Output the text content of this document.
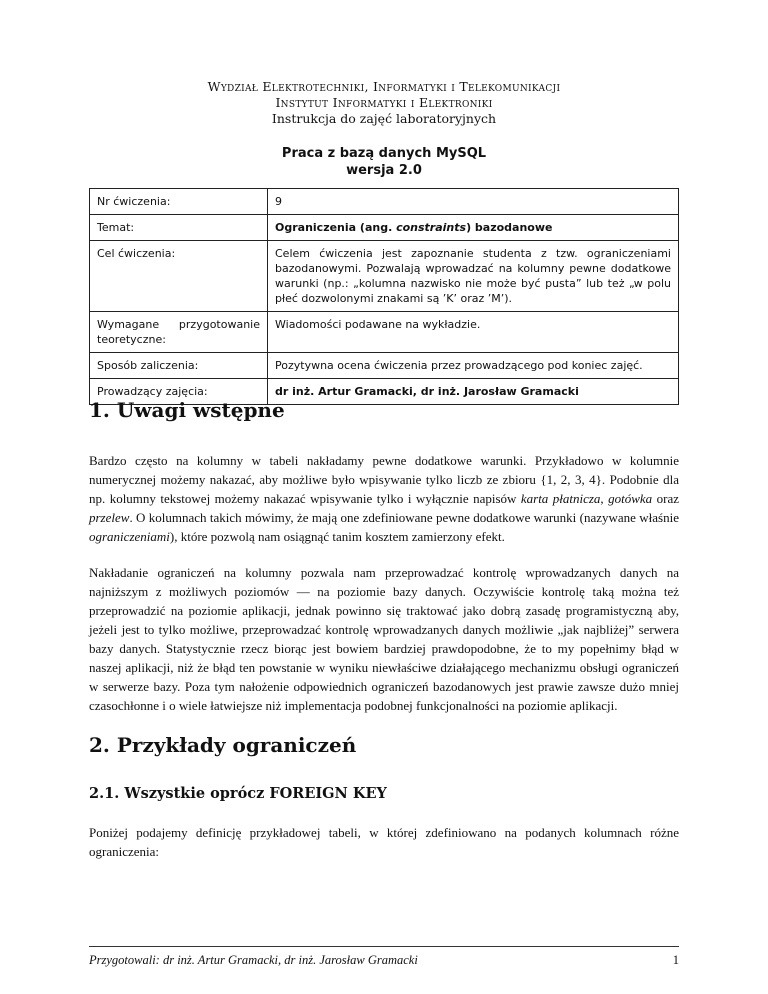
Wydział Elektrotechniki, Informatyki i Telekomunikacji
Instytut Informatyki i Elektroniki
Instrukcja do zajęć laboratoryjnych
Praca z bazą danych MySQL
wersja 2.0
Nr ćwiczenia:	9
Temat:	Ograniczenia (ang. constraints) bazodanowe
Cel ćwiczenia:	Celem ćwiczenia jest zapoznanie studenta z tzw. ograniczeniami bazodanowymi. Pozwalają wprowadzać na kolumny pewne dodatkowe warunki (np.: „kolumna nazwisko nie może być pusta” lub też „w polu płeć dozwolonymi znakami są ’K’ oraz ’M’).
Wymagane przygotowanie teoretyczne:	Wiadomości podawane na wykładzie.
Sposób zaliczenia:	Pozytywna ocena ćwiczenia przez prowadzącego pod koniec zajęć.
Prowadzący zajęcia:	dr inż. Artur Gramacki, dr inż. Jarosław Gramacki
1. Uwagi wstępne

Bardzo często na kolumny w tabeli nakładamy pewne dodatkowe warunki. Przykładowo w kolumnie numerycznej możemy nakazać, aby możliwe było wpisywanie tylko liczb ze zbioru {1, 2, 3, 4}. Podobnie dla np. kolumny tekstowej możemy nakazać wpisywanie tylko i wyłącznie napisów karta płatnicza, gotówka oraz przelew. O kolumnach takich mówimy, że mają one zdefiniowane pewne dodatkowe warunki (nazywane właśnie ograniczeniami), które pozwolą nam osiągnąć tanim kosztem zamierzony efekt.

Nakładanie ograniczeń na kolumny pozwala nam przeprowadzać kontrolę wprowadzanych danych na najniższym z możliwych poziomów — na poziomie bazy danych. Oczywiście kontrolę taką można też przeprowadzić na poziomie aplikacji, jednak powinno się traktować jako dobrą zasadę programistyczną aby, jeżeli jest to tylko możliwe, przeprowadzać kontrolę wprowadzanych danych możliwie „jak najbliżej” serwera bazy danych. Statystycznie rzecz biorąc jest bowiem bardziej prawdopodobne, że to my popełnimy błąd w naszej aplikacji, niż że błąd ten powstanie w wyniku niewłaściwe działającego mechanizmu obsługi ograniczeń w serwerze bazy. Poza tym nałożenie odpowiednich ograniczeń bazodanowych jest prawie zawsze dużo mniej czasochłonne i o wiele łatwiejsze niż implementacja podobnej funkcjonalności na poziomie aplikacji.

2. Przykłady ograniczeń
2.1. Wszystkie oprócz FOREIGN KEY

Poniżej podajemy definicję przykładowej tabeli, w której zdefiniowano na podanych kolumnach różne ograniczenia:

Przygotowali: dr inż. Artur Gramacki, dr inż. Jarosław Gramacki	1
